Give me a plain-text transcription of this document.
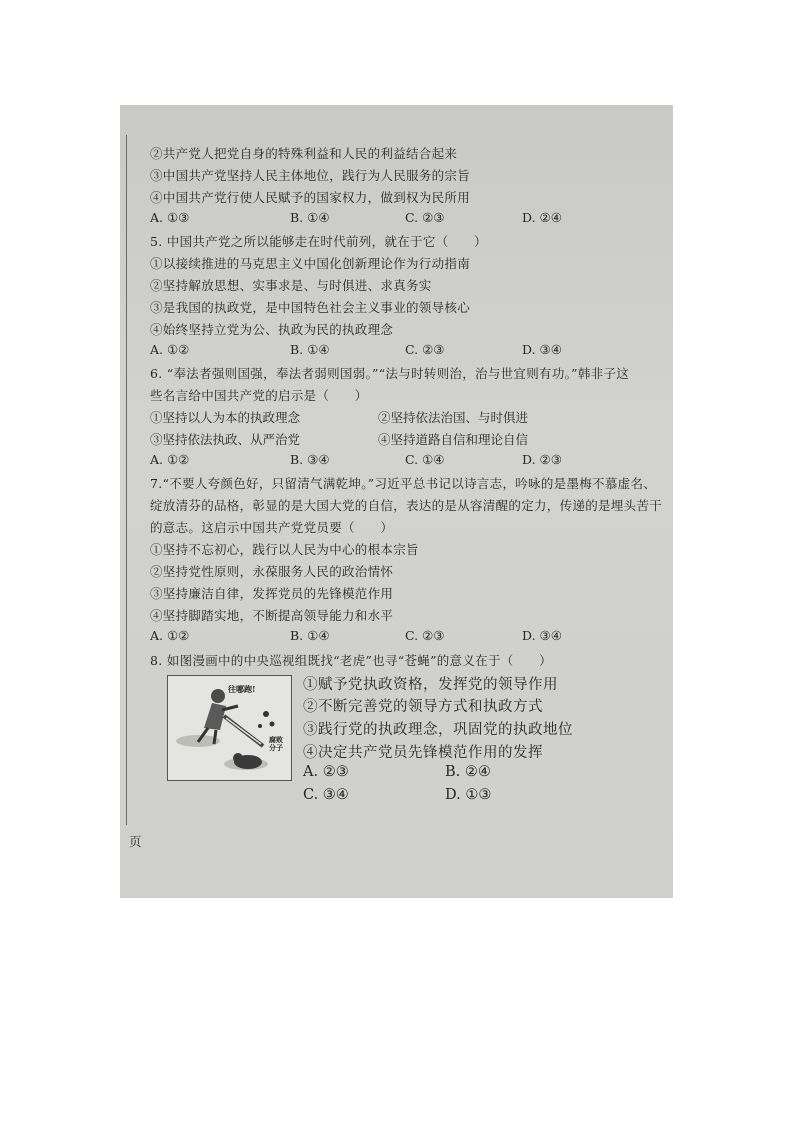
②共产党人把党自身的特殊利益和人民的利益结合起来
③中国共产党坚持人民主体地位，践行为人民服务的宗旨
④中国共产党行使人民赋予的国家权力，做到权为民所用
A. ①③	B. ①④	C. ②③	D. ②④
5. 中国共产党之所以能够走在时代前列，就在于它（　　）
①以接续推进的马克思主义中国化创新理论作为行动指南
②坚持解放思想、实事求是、与时俱进、求真务实
③是我国的执政党，是中国特色社会主义事业的领导核心
④始终坚持立党为公、执政为民的执政理念
A. ①②	B. ①④	C. ②③	D. ③④
6. “奉法者强则国强，奉法者弱则国弱。”“法与时转则治，治与世宜则有功。”韩非子这
些名言给中国共产党的启示是（　　）
①坚持以人为本的执政理念	②坚持依法治国、与时俱进
③坚持依法执政、从严治党	④坚持道路自信和理论自信
A. ①②	B. ③④	C. ①④	D. ②③
7.“不要人夸颜色好，只留清气满乾坤。”习近平总书记以诗言志，吟咏的是墨梅不慕虚名、
绽放清芬的品格，彰显的是大国大党的自信，表达的是从容清醒的定力，传递的是埋头苦干
的意志。这启示中国共产党党员要（　　）
①坚持不忘初心，践行以人民为中心的根本宗旨
②坚持党性原则，永葆服务人民的政治情怀
③坚持廉洁自律，发挥党员的先锋模范作用
④坚持脚踏实地，不断提高领导能力和水平
A. ①②	B. ①④	C. ②③	D. ③④
8. 如图漫画中的中央巡视组既找“老虎”也寻“苍蝇”的意义在于（　　）
往哪跑!
腐败分子
①赋予党执政资格，发挥党的领导作用
②不断完善党的领导方式和执政方式
③践行党的执政理念，巩固党的执政地位
④决定共产党员先锋模范作用的发挥
A. ②③	B. ②④
C. ③④	D. ①③
页
